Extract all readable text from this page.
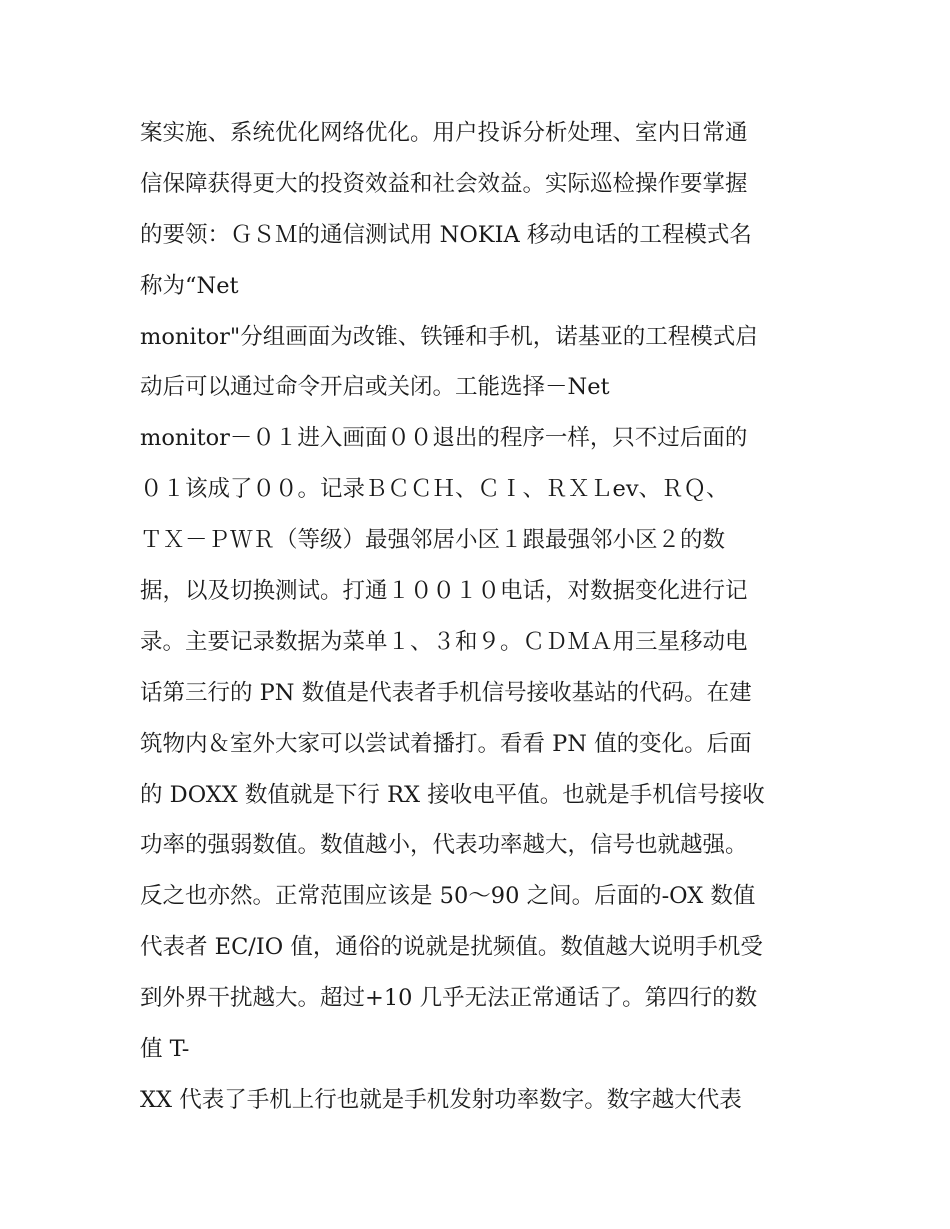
案实施、系统优化网络优化。用户投诉分析处理、室内日常通
信保障获得更大的投资效益和社会效益。实际巡检操作要掌握
的要领：ＧＳＭ的通信测试用 NOKIA 移动电话的工程模式名
称为“Net
monitor"分组画面为改锥、铁锤和手机，诺基亚的工程模式启
动后可以通过命令开启或关闭。工能选择－Net
monitor－０１进入画面００退出的程序一样，只不过后面的
０１该成了００。记录ＢＣＣＨ、ＣＩ、ＲＸＬev、ＲＱ、
ＴＸ－ＰＷＲ（等级）最强邻居小区１跟最强邻小区２的数
据，以及切换测试。打通１００１０电话，对数据变化进行记
录。主要记录数据为菜单１、３和９。ＣＤＭＡ用三星移动电
话第三行的 PN 数值是代表者手机信号接收基站的代码。在建
筑物内＆室外大家可以尝试着播打。看看 PN 值的变化。后面
的 DOXX 数值就是下行 RX 接收电平值。也就是手机信号接收
功率的强弱数值。数值越小，代表功率越大，信号也就越强。
反之也亦然。正常范围应该是 50～90 之间。后面的-OX 数值
代表者 EC/IO 值，通俗的说就是扰频值。数值越大说明手机受
到外界干扰越大。超过+10 几乎无法正常通话了。第四行的数
值 T-
XX 代表了手机上行也就是手机发射功率数字。数字越大代表
